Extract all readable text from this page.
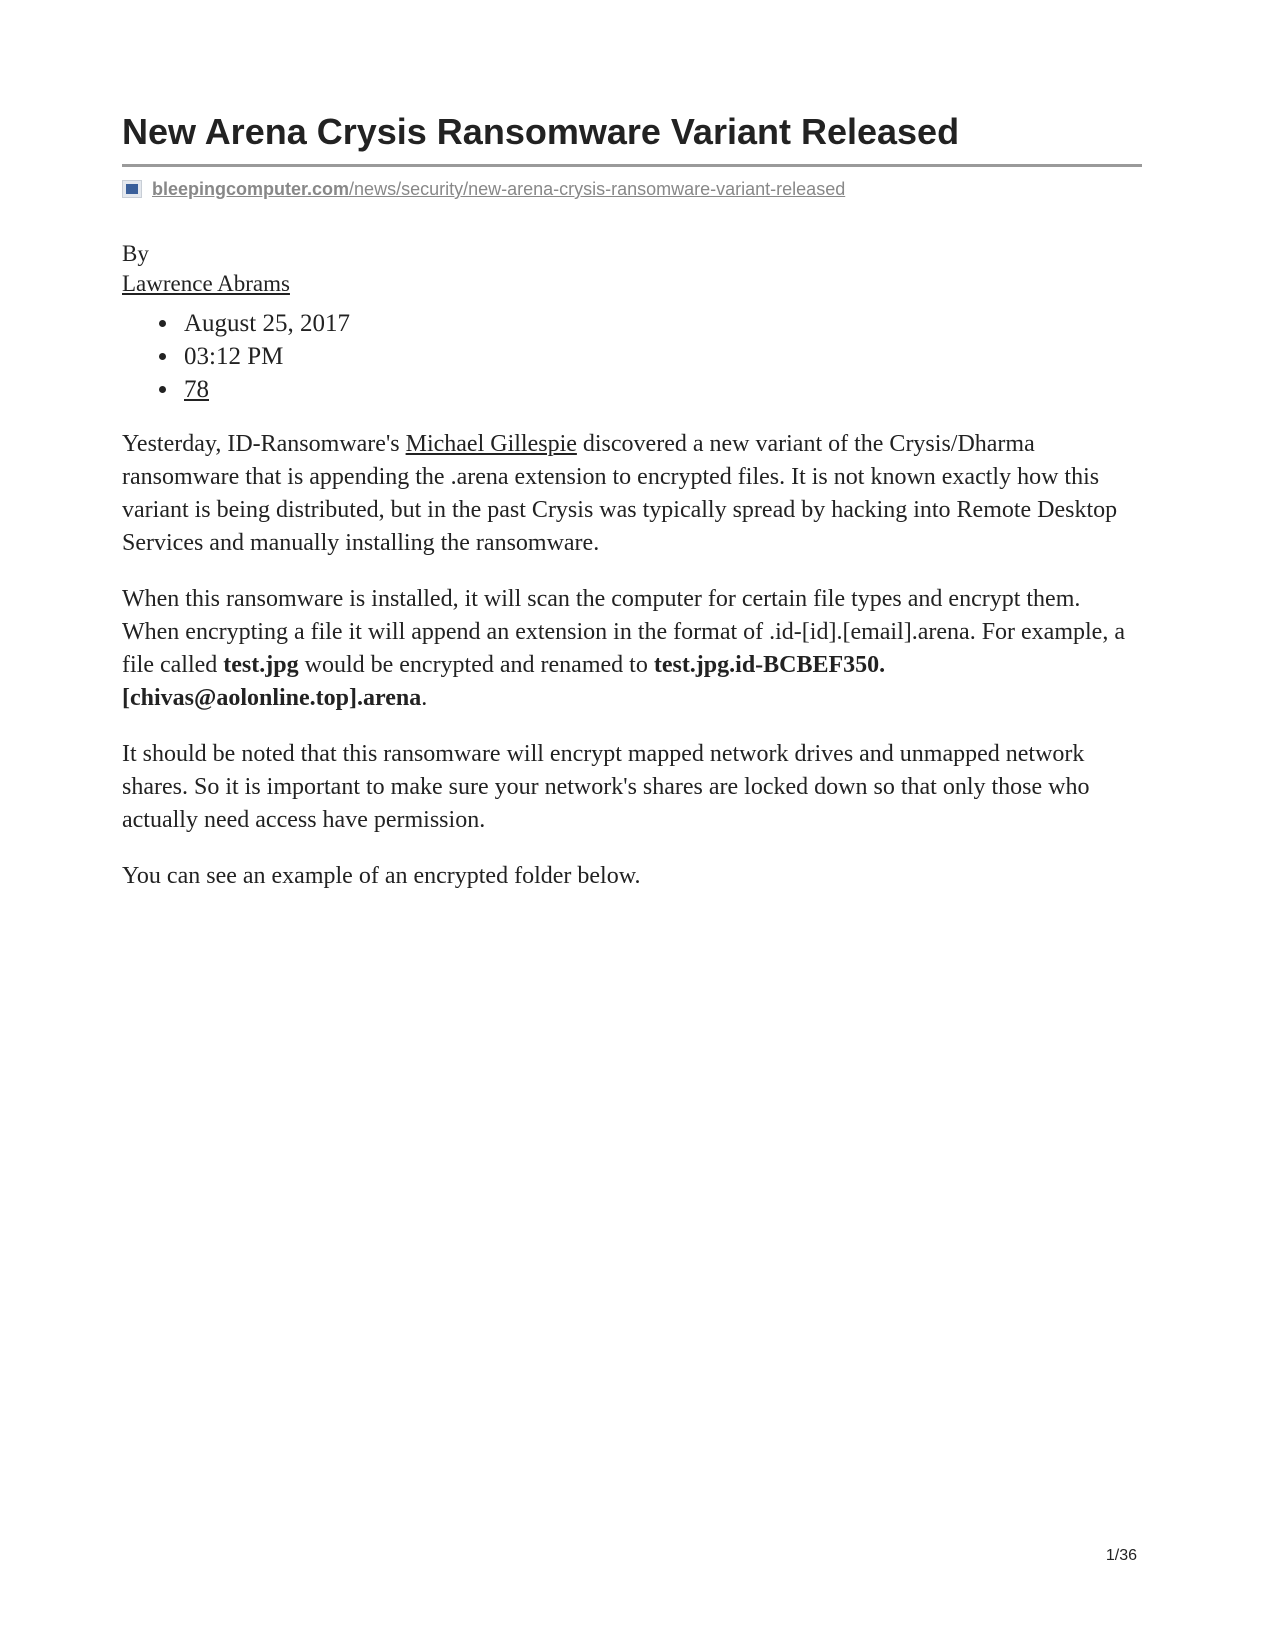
New Arena Crysis Ransomware Variant Released
bleepingcomputer.com/news/security/new-arena-crysis-ransomware-variant-released
By
Lawrence Abrams
• August 25, 2017
• 03:12 PM
• 78

Yesterday, ID-Ransomware's Michael Gillespie discovered a new variant of the Crysis/Dharma ransomware that is appending the .arena extension to encrypted files. It is not known exactly how this variant is being distributed, but in the past Crysis was typically spread by hacking into Remote Desktop Services and manually installing the ransomware.

When this ransomware is installed, it will scan the computer for certain file types and encrypt them. When encrypting a file it will append an extension in the format of .id-[id].[email].arena. For example, a file called test.jpg would be encrypted and renamed to test.jpg.id-BCBEF350.[chivas@aolonline.top].arena.

It should be noted that this ransomware will encrypt mapped network drives and unmapped network shares. So it is important to make sure your network's shares are locked down so that only those who actually need access have permission.

You can see an example of an encrypted folder below.

1/36
